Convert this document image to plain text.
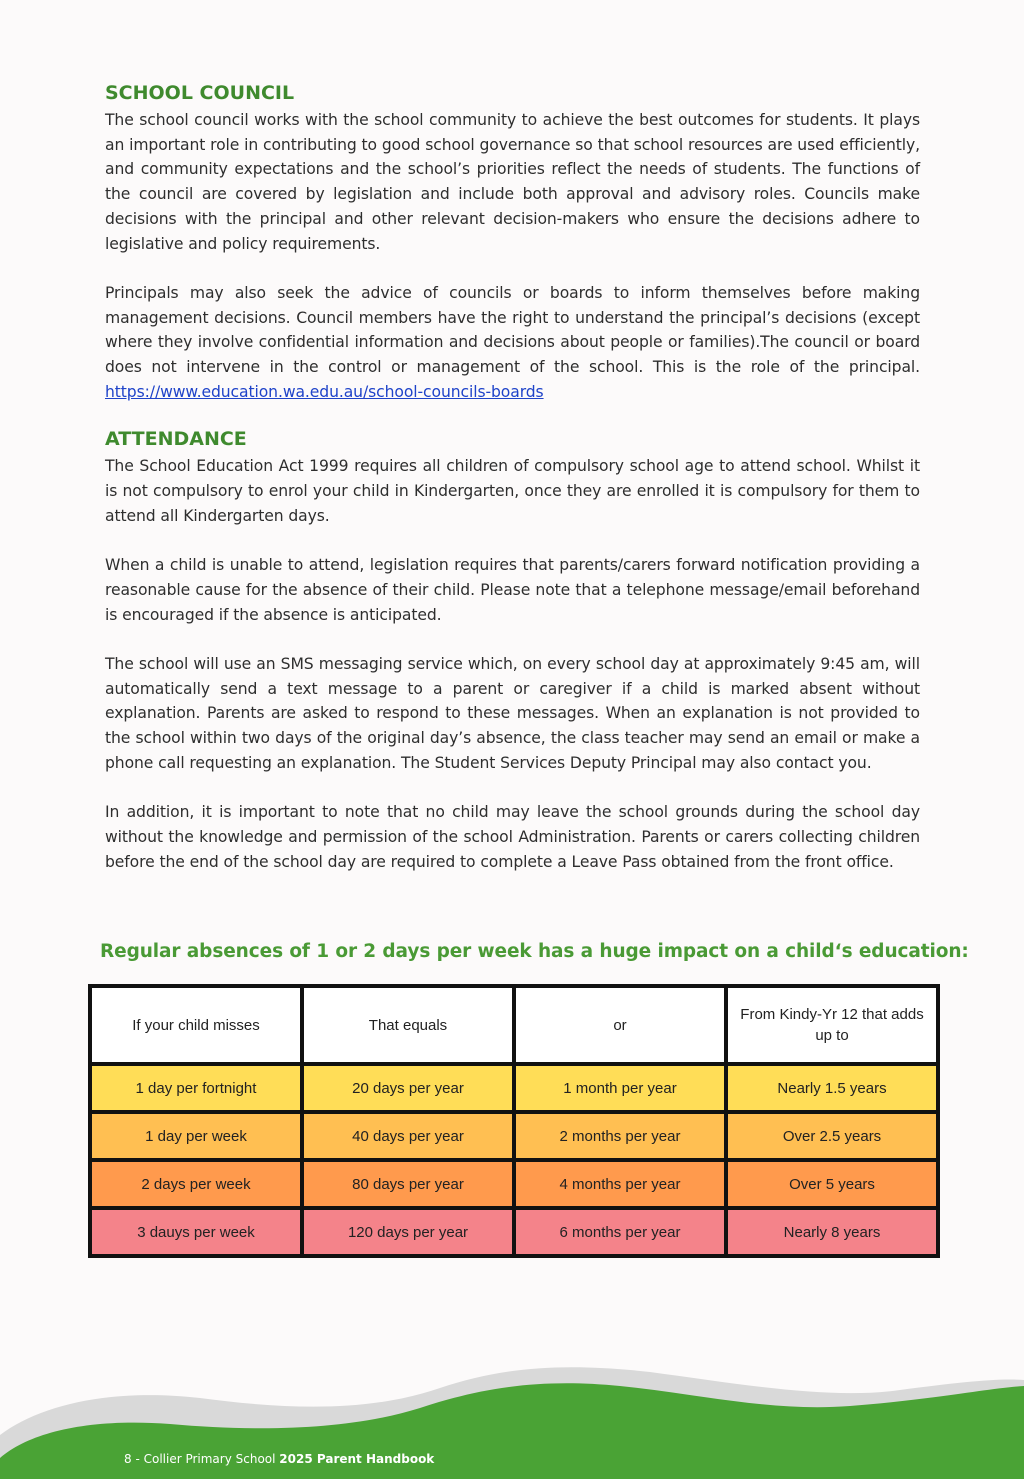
SCHOOL COUNCIL

The school council works with the school community to achieve the best outcomes for students. It plays an important role in contributing to good school governance so that school resources are used efficiently, and community expectations and the school’s priorities reflect the needs of students. The functions of the council are covered by legislation and include both approval and advisory roles. Councils make decisions with the principal and other relevant decision-makers who ensure the decisions adhere to legislative and policy requirements.

Principals may also seek the advice of councils or boards to inform themselves before making management decisions. Council members have the right to understand the principal’s decisions (except where they involve confidential information and decisions about people or families).The council or board does not intervene in the control or management of the school. This is the role of the principal. https://www.education.wa.edu.au/school-councils-boards

ATTENDANCE

The School Education Act 1999 requires all children of compulsory school age to attend school. Whilst it is not compulsory to enrol your child in Kindergarten, once they are enrolled it is compulsory for them to attend all Kindergarten days.

When a child is unable to attend, legislation requires that parents/carers forward notification providing a reasonable cause for the absence of their child. Please note that a telephone message/email beforehand is encouraged if the absence is anticipated.

The school will use an SMS messaging service which, on every school day at approximately 9:45 am, will automatically send a text message to a parent or caregiver if a child is marked absent without explanation. Parents are asked to respond to these messages. When an explanation is not provided to the school within two days of the original day’s absence, the class teacher may send an email or make a phone call requesting an explanation. The Student Services Deputy Principal may also contact you.

In addition, it is important to note that no child may leave the school grounds during the school day without the knowledge and permission of the school Administration. Parents or carers collecting children before the end of the school day are required to complete a Leave Pass obtained from the front office.

Regular absences of 1 or 2 days per week has a huge impact on a child‘s education:
If your child misses	That equals	or	From Kindy-Yr 12 that adds up to
1 day per fortnight	20 days per year	1 month per year	Nearly 1.5 years
1 day per week	40 days per year	2 months per year	Over 2.5 years
2 days per week	80 days per year	4 months per year	Over 5 years
3 dauys per week	120 days per year	6 months per year	Nearly 8 years
8 - Collier Primary School 2025 Parent Handbook
